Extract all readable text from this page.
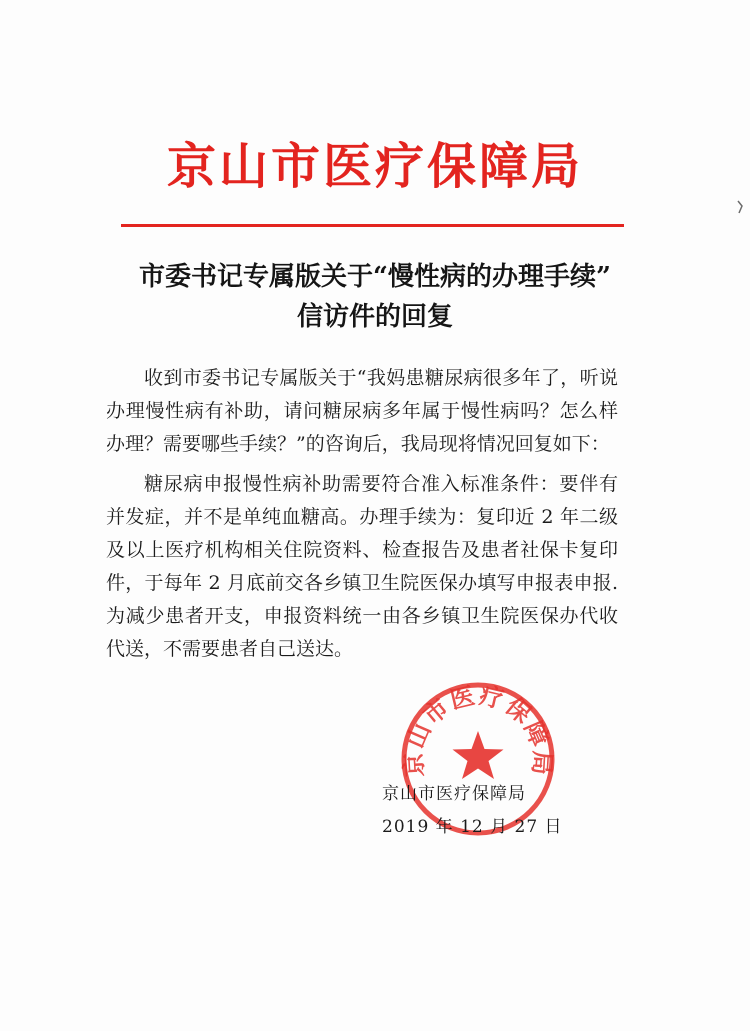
京山市医疗保障局
市委书记专属版关于“慢性病的办理手续”
信访件的回复

收到市委书记专属版关于“我妈患糖尿病很多年了，听说办理慢性病有补助，请问糖尿病多年属于慢性病吗？怎么样办理？需要哪些手续？”的咨询后，我局现将情况回复如下：

糖尿病申报慢性病补助需要符合准入标准条件：要伴有并发症，并不是单纯血糖高。办理手续为：复印近 2 年二级及以上医疗机构相关住院资料、检查报告及患者社保卡复印件，于每年 2 月底前交各乡镇卫生院医保办填写申报表申报.为减少患者开支，申报资料统一由各乡镇卫生院医保办代收代送，不需要患者自己送达。

京山市医疗保障局
京山市医疗保障局
2019 年 12 月 27 日
